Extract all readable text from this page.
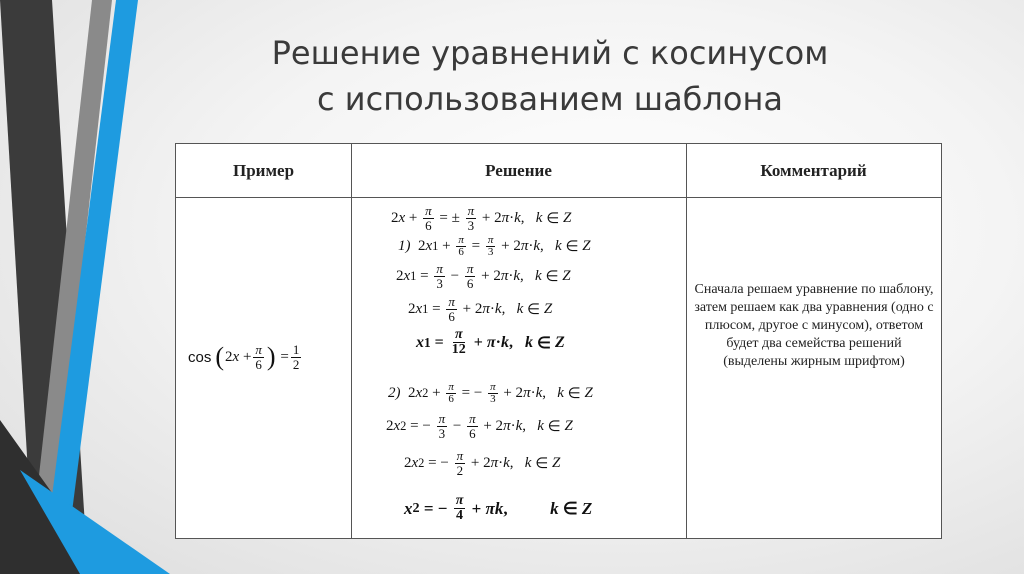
Решение уравнений с косинусом
с использованием шаблона
Пример	Решение	Комментарий
cos ( 2 $x + \frac{\pi}{6}$ ) = $\frac{1}{2}$
2 $x + \frac{\pi}{6}$ = ± $\frac{\pi}{3} + 2$ π · k , k ∈ Z
1) 2 x $1 + \frac{\pi}{6} = \frac{\pi}{3} + 2$ π · k , k ∈ Z
2 x $1 = \frac{\pi}{3} - \frac{\pi}{6} + 2$ π · k , k ∈ Z
2 x $1 = \frac{\pi}{6} + 2$ π · k , k ∈ Z
x $1 = \frac{\pi}{12} + \pi \cdot k$ , k ∈ Z
2) 2 x $2 + \frac{\pi}{6}$ = − $\frac{\pi}{3} + 2$ π · k , k ∈ Z
2 x 2 = − $\frac{\pi}{3} - \frac{\pi}{6} + 2$ π · k , k ∈ Z
2 x 2 = − $\frac{\pi}{2} + 2$ π · k , k ∈ Z
x 2 = − $\frac{\pi}{4} + \pi k$ , k ∈ Z
Сначала решаем уравнение по шаблону, затем решаем как два уравнения (одно с плюсом, другое с минусом), ответом будет два семейства решений (выделены жирным шрифтом)
